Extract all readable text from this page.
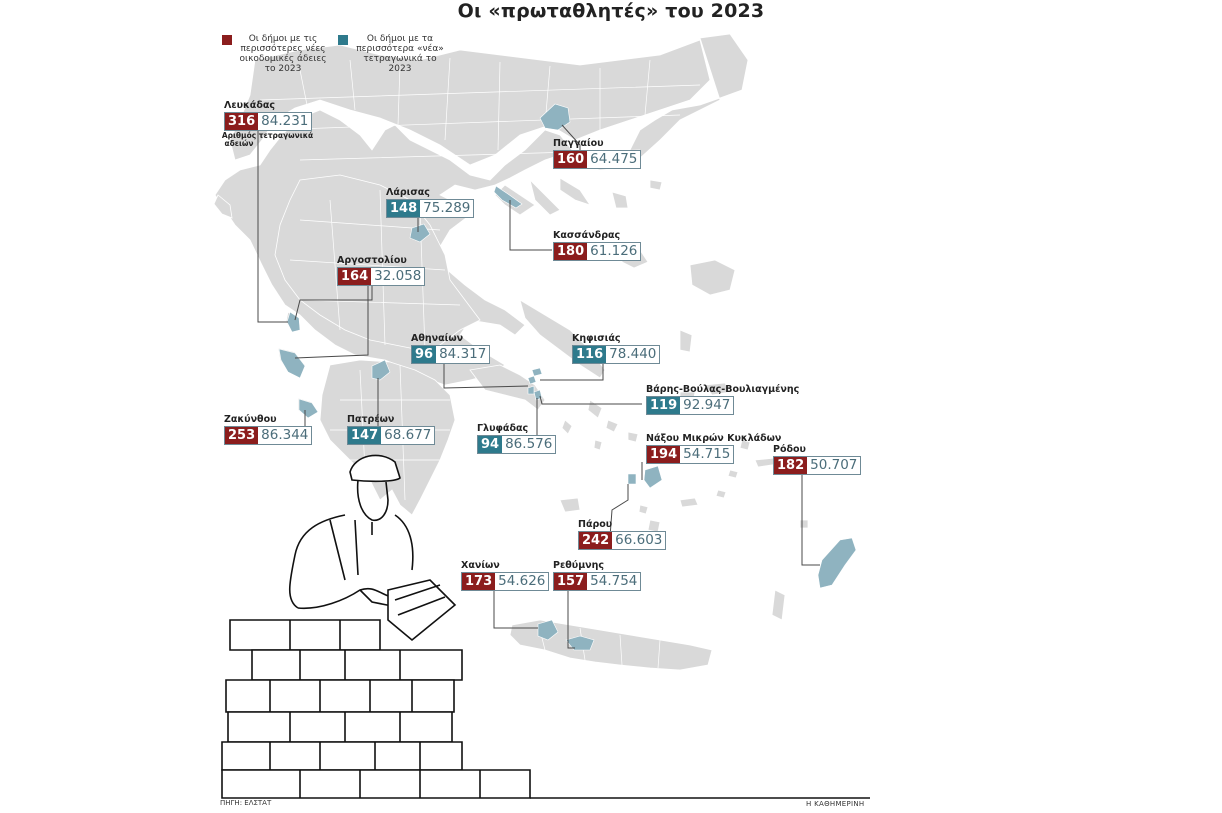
Οι «πρωταθλητές» του 2023
Οι δήμοι με τις περισσότερες νέες οικοδομικές άδειες το 2023
Οι δήμοι με τα περισσότερα «νέα» τετραγωνικά το 2023
Λευκάδας
316 84.231
Παγγαίου
160 64.475
Λάρισας
148 75.289
Κασσάνδρας
180 61.126
Αργοστολίου
164 32.058
Αθηναίων
96 84.317
Κηφισιάς
116 78.440
Βάρης-Βούλας-Βουλιαγμένης
119 92.947
Ζακύνθου
253 86.344
Πατρέων
147 68.677	Γλυφάδας
94 86.576	Νάξου Μικρών Κυκλάδων
194 54.715	Ρόδου
182 50.707
Πάρου
242 66.603
Χανίων
173 54.626
Ρεθύμνης
157 54.754
Αριθμός αδειών
τετραγωνικά
ΠΗΓΗ: ΕΛΣΤΑΤ	Η ΚΑΘΗΜΕΡΙΝΗ
